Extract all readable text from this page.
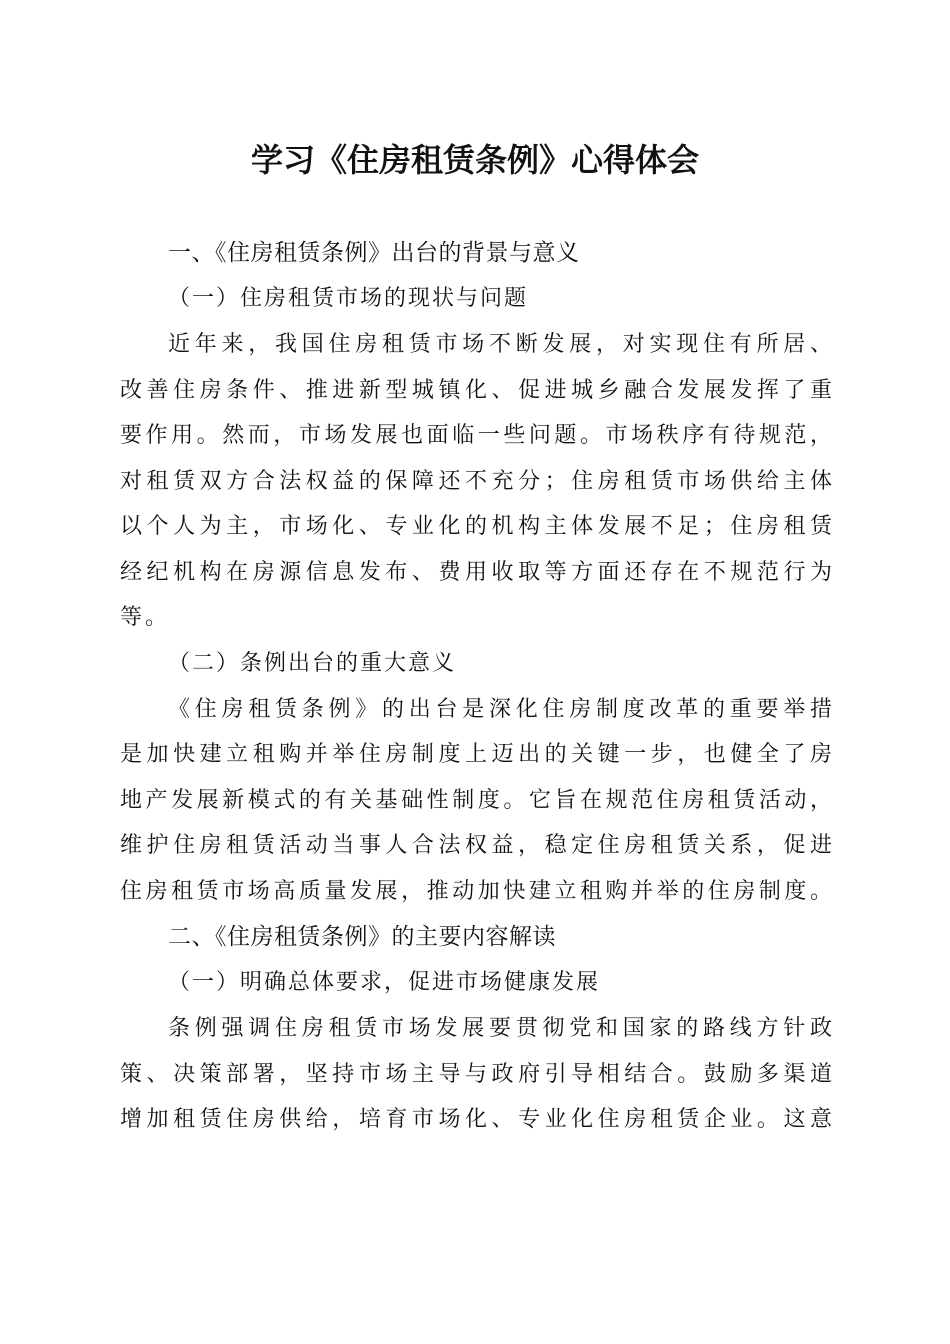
学习《住房租赁条例》心得体会
一、《住房租赁条例》出台的背景与意义
（一）住房租赁市场的现状与问题
近年来，我国住房租赁市场不断发展，对实现住有所居、
改善住房条件、推进新型城镇化、促进城乡融合发展发挥了重
要作用。然而，市场发展也面临一些问题。市场秩序有待规范，
对租赁双方合法权益的保障还不充分；住房租赁市场供给主体
以个人为主，市场化、专业化的机构主体发展不足；住房租赁
经纪机构在房源信息发布、费用收取等方面还存在不规范行为
等。
（二）条例出台的重大意义
《住房租赁条例》的出台是深化住房制度改革的重要举措
是加快建立租购并举住房制度上迈出的关键一步，也健全了房
地产发展新模式的有关基础性制度。它旨在规范住房租赁活动，
维护住房租赁活动当事人合法权益，稳定住房租赁关系，促进
住房租赁市场高质量发展，推动加快建立租购并举的住房制度。
二、《住房租赁条例》的主要内容解读
（一）明确总体要求，促进市场健康发展
条例强调住房租赁市场发展要贯彻党和国家的路线方针政
策、决策部署，坚持市场主导与政府引导相结合。鼓励多渠道
增加租赁住房供给，培育市场化、专业化住房租赁企业。这意
